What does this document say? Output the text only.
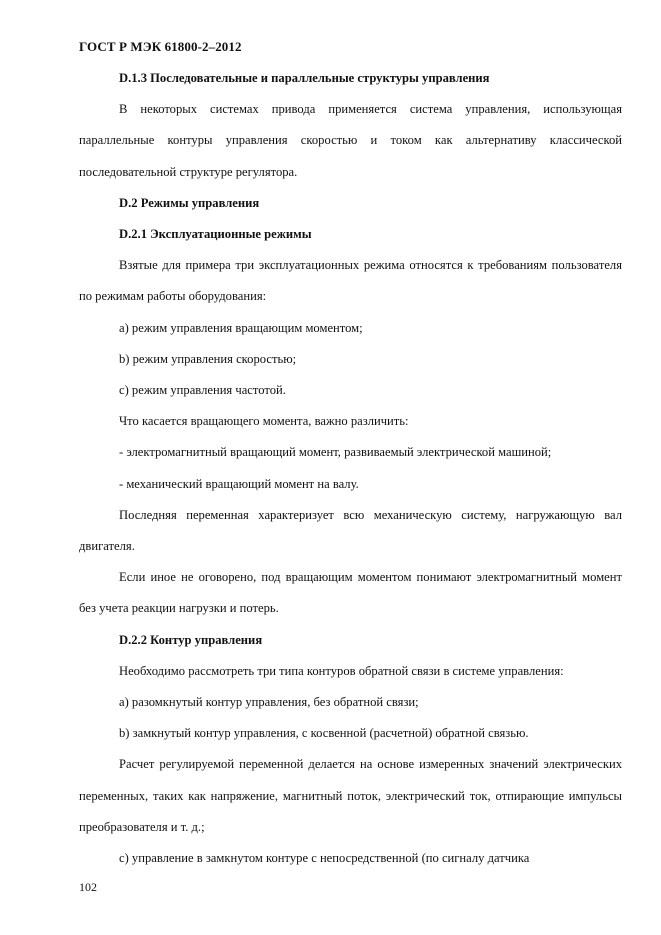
ГОСТ Р МЭК 61800-2–2012

D.1.3 Последовательные и параллельные структуры управления

В некоторых системах привода применяется система управления, использующая параллельные контуры управления скоростью и током как альтернативу классической последовательной структуре регулятора.

D.2 Режимы управления

D.2.1 Эксплуатационные режимы

Взятые для примера три эксплуатационных режима относятся к требованиям пользователя по режимам работы оборудования:

a) режим управления вращающим моментом;

b) режим управления скоростью;

c) режим управления частотой.

Что касается вращающего момента, важно различить:

- электромагнитный вращающий момент, развиваемый электрической машиной;

- механический вращающий момент на валу.

Последняя переменная характеризует всю механическую систему, нагружающую вал двигателя.

Если иное не оговорено, под вращающим моментом понимают электромагнитный момент без учета реакции нагрузки и потерь.

D.2.2 Контур управления

Необходимо рассмотреть три типа контуров обратной связи в системе управления:

a) разомкнутый контур управления, без обратной связи;

b) замкнутый контур управления, с косвенной (расчетной) обратной связью.

Расчет регулируемой переменной делается на основе измеренных значений электрических переменных, таких как напряжение, магнитный поток, электрический ток, отпирающие импульсы преобразователя и т. д.;

c) управление в замкнутом контуре с непосредственной (по сигналу датчика

102
